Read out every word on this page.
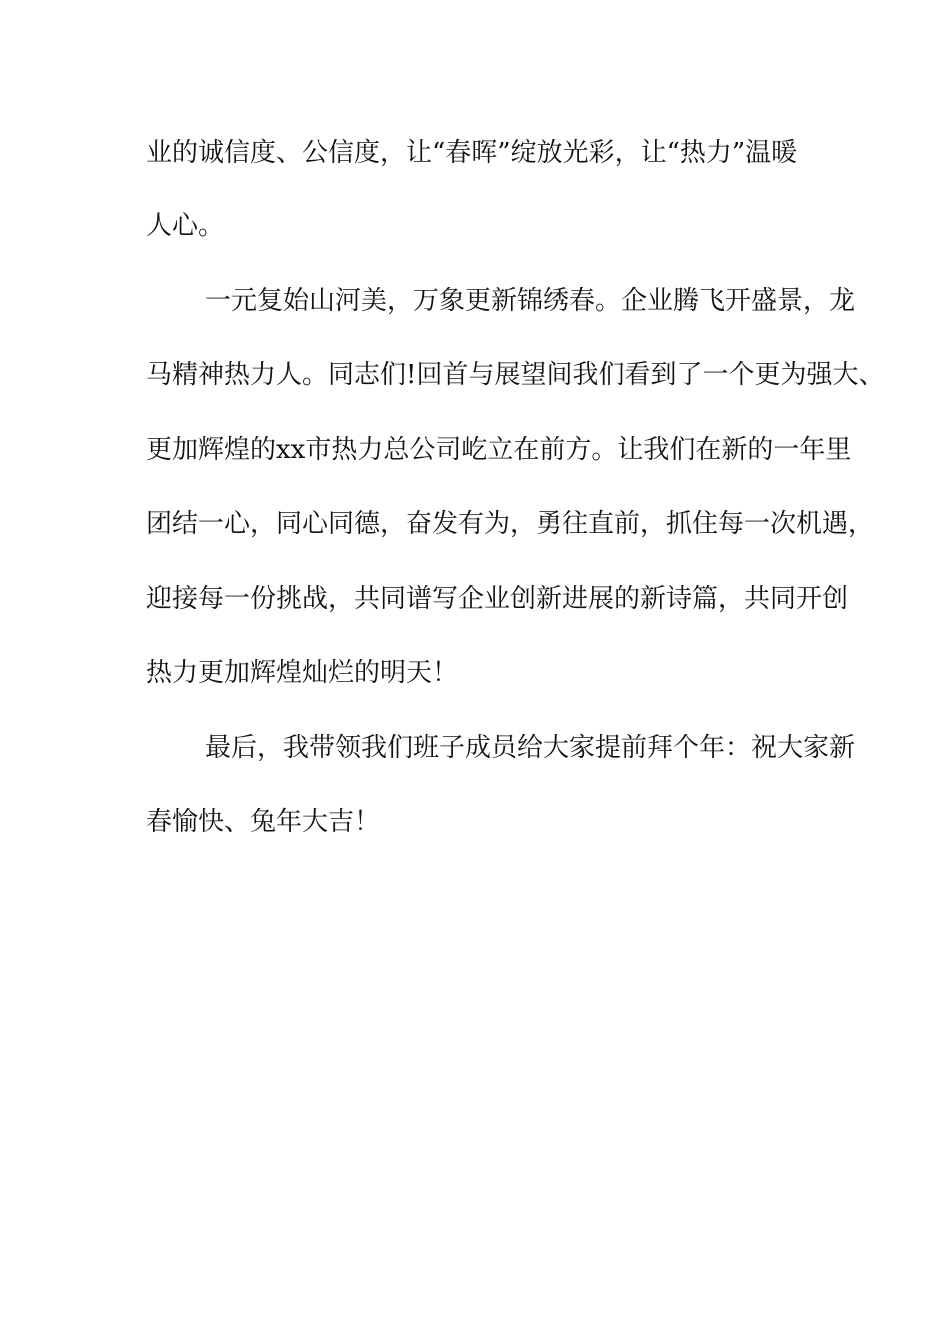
业的诚信度、公信度，让“春晖”绽放光彩，让“热力”温暖
人心。
一元复始山河美，万象更新锦绣春。企业腾飞开盛景，龙
马精神热力人。同志们!回首与展望间我们看到了一个更为强大、
更加辉煌的xx市热力总公司屹立在前方。让我们在新的一年里
团结一心，同心同德，奋发有为，勇往直前，抓住每一次机遇，
迎接每一份挑战，共同谱写企业创新进展的新诗篇，共同开创
热力更加辉煌灿烂的明天！
最后，我带领我们班子成员给大家提前拜个年：祝大家新
春愉快、兔年大吉！
